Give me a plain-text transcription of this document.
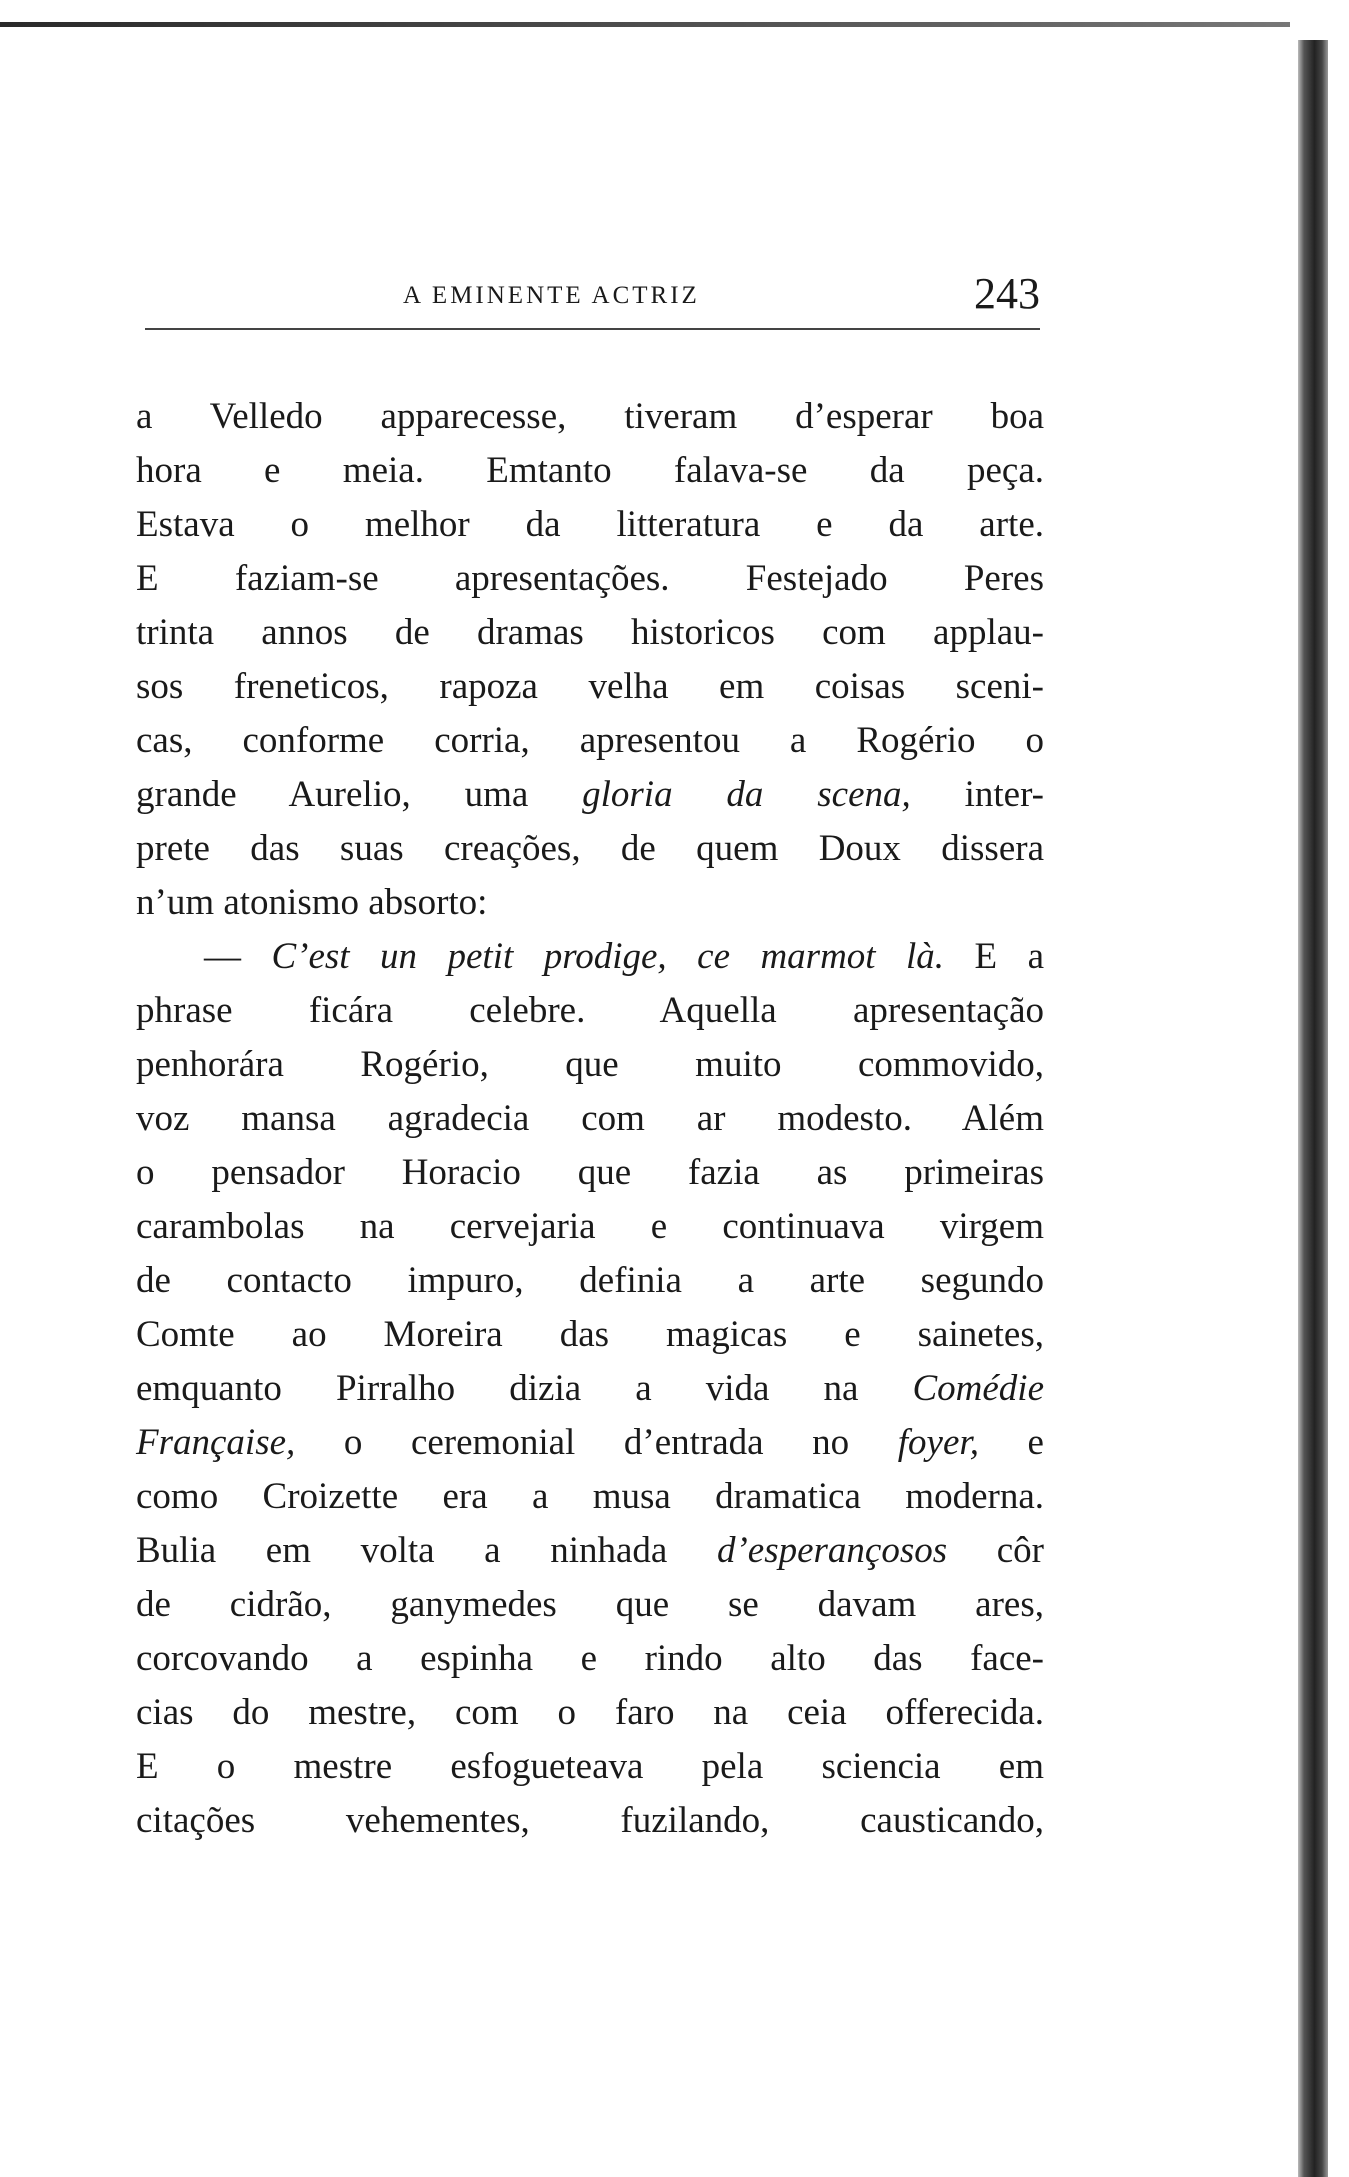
A EMINENTE ACTRIZ	243
a Velledo apparecesse, tiveram d’esperar boa
hora e meia. Emtanto falava-se da peça.
Estava o melhor da litteratura e da arte.
E faziam-se apresentações. Festejado Peres
trinta annos de dramas historicos com applau-
sos freneticos, rapoza velha em coisas sceni-
cas, conforme corria, apresentou a Rogério o
grande Aurelio, uma gloria da scena, inter-
prete das suas creações, de quem Doux dissera
n’um atonismo absorto:
— C’est un petit prodige, ce marmot là. E a
phrase ficára celebre. Aquella apresentação
penhorára Rogério, que muito commovido,
voz mansa agradecia com ar modesto. Além
o pensador Horacio que fazia as primeiras
carambolas na cervejaria e continuava virgem
de contacto impuro, definia a arte segundo
Comte ao Moreira das magicas e sainetes,
emquanto Pirralho dizia a vida na Comédie
Française, o ceremonial d’entrada no foyer, e
como Croizette era a musa dramatica moderna.
Bulia em volta a ninhada d’esperançosos côr
de cidrão, ganymedes que se davam ares,
corcovando a espinha e rindo alto das face-
cias do mestre, com o faro na ceia offerecida.
E o mestre esfogueteava pela sciencia em
citações vehementes, fuzilando, causticando,
